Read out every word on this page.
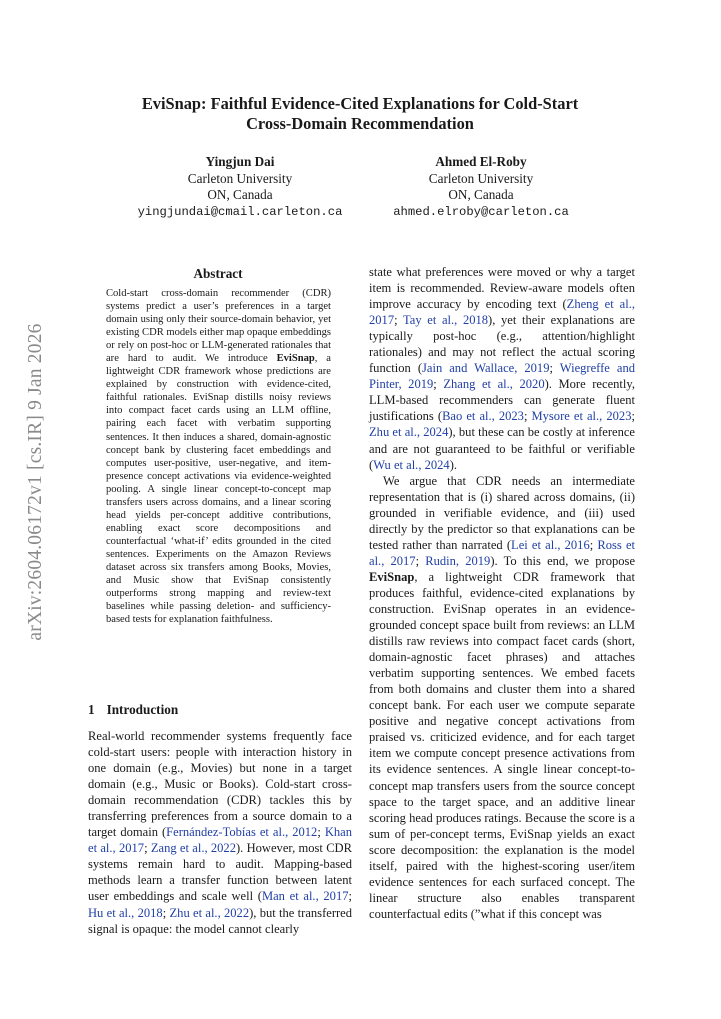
arXiv:2604.06172v1 [cs.IR] 9 Jan 2026
EviSnap: Faithful Evidence-Cited Explanations for Cold-Start
Cross-Domain Recommendation
Yingjun Dai
Carleton University
ON, Canada
yingjundai@cmail.carleton.ca
Ahmed El-Roby
Carleton University
ON, Canada
ahmed.elroby@carleton.ca
Abstract
Cold-start cross-domain recommender (CDR) systems predict a user’s preferences in a target domain using only their source-domain behavior, yet existing CDR models either map opaque embeddings or rely on post-hoc or LLM-generated rationales that are hard to audit. We introduce EviSnap, a lightweight CDR framework whose predictions are explained by construction with evidence-cited, faithful rationales. EviSnap distills noisy reviews into compact facet cards using an LLM offline, pairing each facet with verbatim supporting sentences. It then induces a shared, domain-agnostic concept bank by clustering facet embeddings and computes user-positive, user-negative, and item-presence concept activations via evidence-weighted pooling. A single linear concept-to-concept map transfers users across domains, and a linear scoring head yields per-concept additive contributions, enabling exact score decompositions and counterfactual ‘what-if’ edits grounded in the cited sentences. Experiments on the Amazon Reviews dataset across six transfers among Books, Movies, and Music show that EviSnap consistently outperforms strong mapping and review-text baselines while passing deletion- and sufficiency-based tests for explanation faithfulness.
1 Introduction

Real-world recommender systems frequently face cold-start users: people with interaction history in one domain (e.g., Movies) but none in a target domain (e.g., Music or Books). Cold-start cross-domain recommendation (CDR) tackles this by transferring preferences from a source domain to a target domain (Fernández-Tobías et al., 2012; Khan et al., 2017; Zang et al., 2022). However, most CDR systems remain hard to audit. Mapping-based methods learn a transfer function between latent user embeddings and scale well (Man et al., 2017; Hu et al., 2018; Zhu et al., 2022), but the transferred signal is opaque: the model cannot clearly

state what preferences were moved or why a target item is recommended. Review-aware models often improve accuracy by encoding text (Zheng et al., 2017; Tay et al., 2018), yet their explanations are typically post-hoc (e.g., attention/highlight rationales) and may not reflect the actual scoring function (Jain and Wallace, 2019; Wiegreffe and Pinter, 2019; Zhang et al., 2020). More recently, LLM-based recommenders can generate fluent justifications (Bao et al., 2023; Mysore et al., 2023; Zhu et al., 2024), but these can be costly at inference and are not guaranteed to be faithful or verifiable (Wu et al., 2024).

We argue that CDR needs an intermediate representation that is (i) shared across domains, (ii) grounded in verifiable evidence, and (iii) used directly by the predictor so that explanations can be tested rather than narrated (Lei et al., 2016; Ross et al., 2017; Rudin, 2019). To this end, we propose EviSnap, a lightweight CDR framework that produces faithful, evidence-cited explanations by construction. EviSnap operates in an evidence-grounded concept space built from reviews: an LLM distills raw reviews into compact facet cards (short, domain-agnostic facet phrases) and attaches verbatim supporting sentences. We embed facets from both domains and cluster them into a shared concept bank. For each user we compute separate positive and negative concept activations from praised vs. criticized evidence, and for each target item we compute concept presence activations from its evidence sentences. A single linear concept-to-concept map transfers users from the source concept space to the target space, and an additive linear scoring head produces ratings. Because the score is a sum of per-concept terms, EviSnap yields an exact score decomposition: the explanation is the model itself, paired with the highest-scoring user/item evidence sentences for each surfaced concept. The linear structure also enables transparent counterfactual edits (”what if this concept was
